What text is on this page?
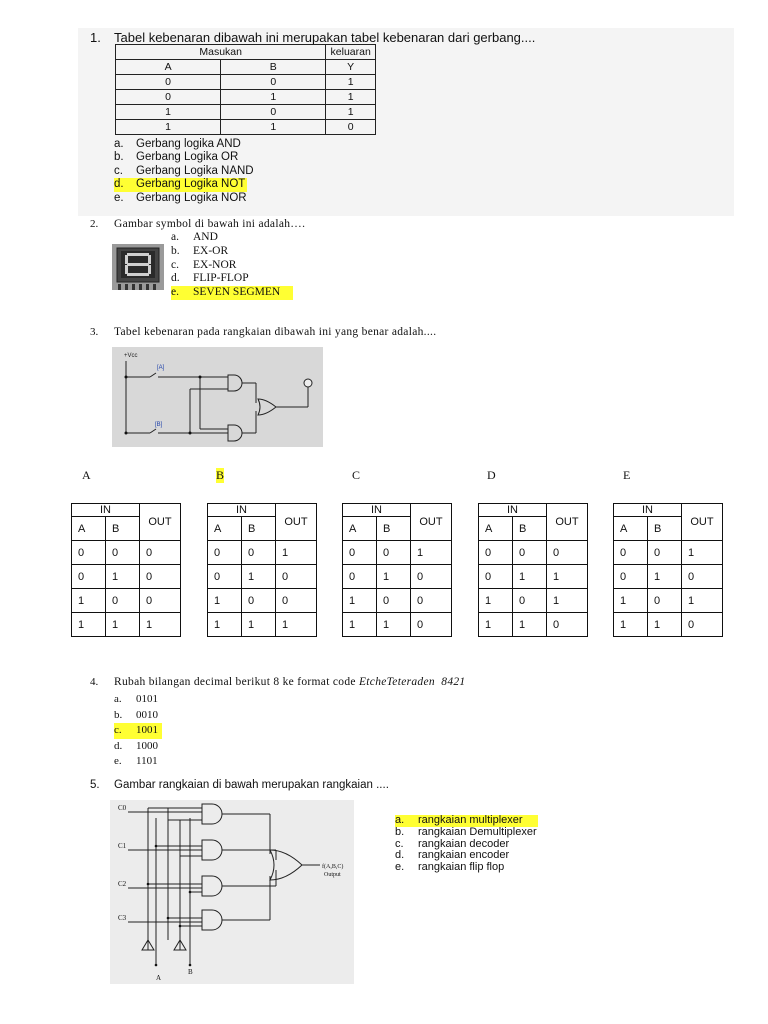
1. Tabel kebenaran dibawah ini merupakan tabel kebenaran dari gerbang....
Masukan		keluaran
A	B	Y
0	0	1
0	1	1
1	0	1
1	1	0
a. Gerbang logika AND
b. Gerbang Logika OR
c. Gerbang Logika NAND
d. Gerbang Logika NOT
e. Gerbang Logika NOR
2. Gambar symbol di bawah ini adalah….
a. AND
b. EX-OR
c. EX-NOR
d. FLIP-FLOP
e. SEVEN SEGMEN
3. Tabel kebenaran pada rangkaian dibawah ini yang benar adalah....
+Vcc
[A]
[B]
A	B	C	D	E
IN		OUT
A	B	
0	0	0
0	1	0
1	0	0
1	1	1
IN		OUT
A	B	
0	0	1
0	1	0
1	0	0
1	1	1
IN		OUT
A	B	
0	0	1
0	1	0
1	0	0
1	1	0
IN		OUT
A	B	
0	0	0
0	1	1
1	0	1
1	1	0
IN		OUT
A	B	
0	0	1
0	1	0
1	0	1
1	1	0
4. Rubah bilangan decimal berikut 8 ke format code EtcheTeteraden  8421
a. 0101
b. 0010
c. 1001
d. 1000
e. 1101
5. Gambar rangkaian di bawah merupakan rangkaian ....
C0
C1
C2
C3
A
B
f(A,B,C)
Output
a. rangkaian multiplexer
b. rangkaian Demultiplexer
c. rangkaian decoder
d. rangkaian encoder
e. rangkaian flip flop
